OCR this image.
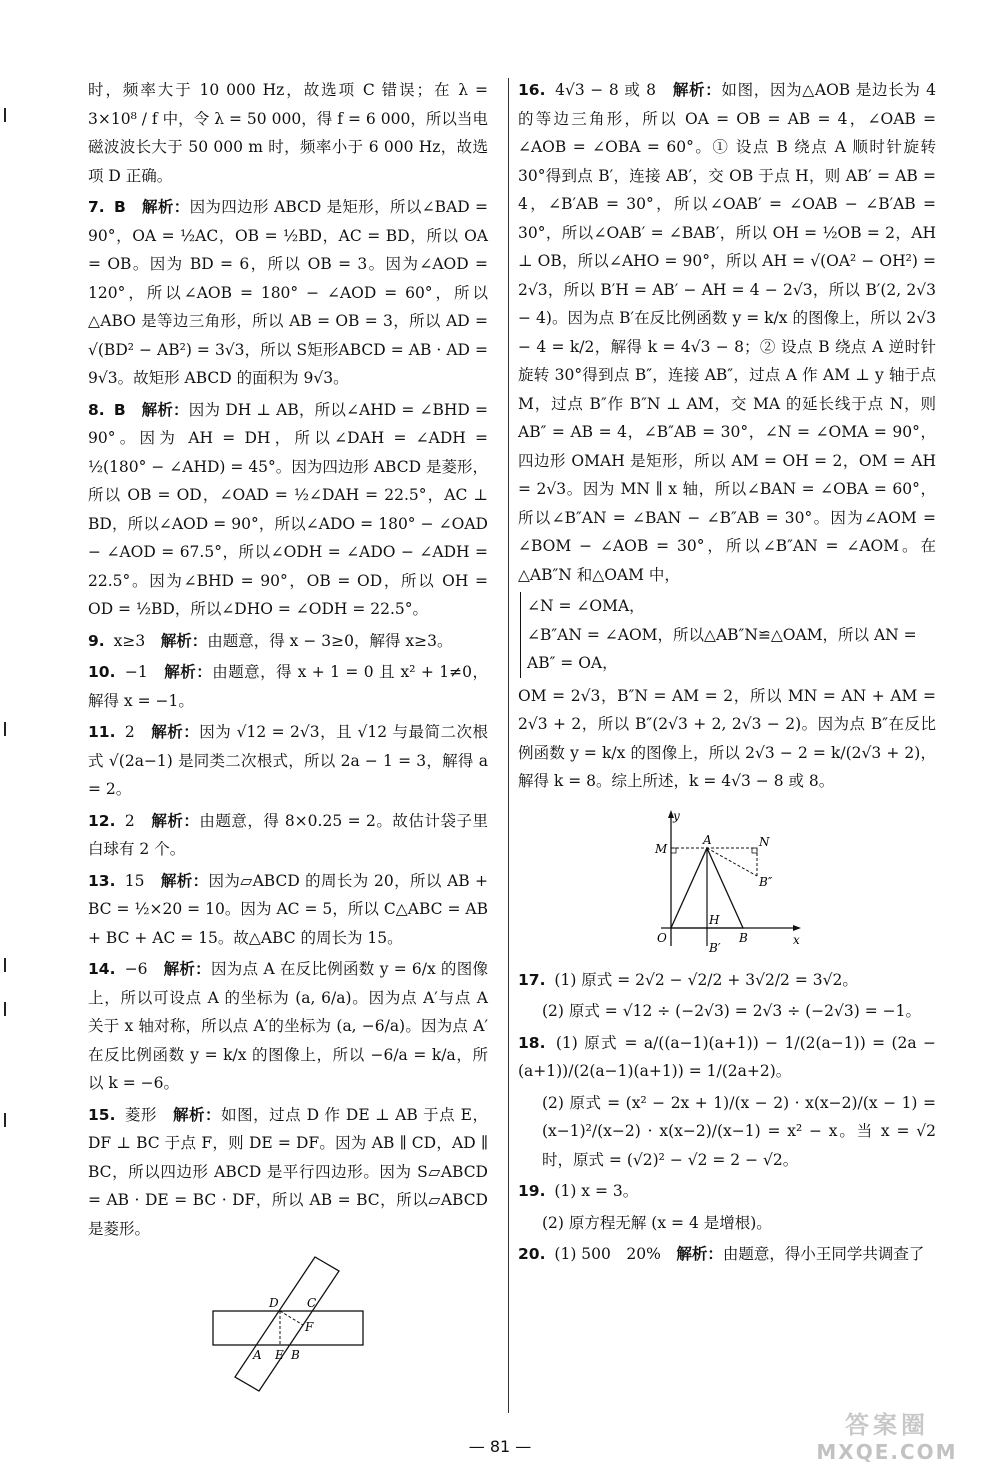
时，频率大于 10 000 Hz，故选项 C 错误；在 λ = 3×10⁸ / f 中，令 λ = 50 000，得 f = 6 000，所以当电磁波波长大于 50 000 m 时，频率小于 6 000 Hz，故选项 D 正确。

7. B　 解析：因为四边形 ABCD 是矩形，所以∠BAD = 90°，OA = ½AC，OB = ½BD，AC = BD，所以 OA = OB。因为 BD = 6，所以 OB = 3。因为∠AOD = 120°，所以∠AOB = 180° − ∠AOD = 60°，所以△ABO 是等边三角形，所以 AB = OB = 3，所以 AD = √(BD² − AB²) = 3√3，所以 S矩形ABCD = AB · AD = 9√3。故矩形 ABCD 的面积为 9√3。

8. B　 解析：因为 DH ⊥ AB，所以∠AHD = ∠BHD = 90°。因为 AH = DH，所以∠DAH = ∠ADH = ½(180° − ∠AHD) = 45°。因为四边形 ABCD 是菱形，所以 OB = OD，∠OAD = ½∠DAH = 22.5°，AC ⊥ BD，所以∠AOD = 90°，所以∠ADO = 180° − ∠OAD − ∠AOD = 67.5°，所以∠ODH = ∠ADO − ∠ADH = 22.5°。因为∠BHD = 90°，OB = OD，所以 OH = OD = ½BD，所以∠DHO = ∠ODH = 22.5°。

9. x≥3　 解析：由题意，得 x − 3≥0，解得 x≥3。

10. −1　 解析：由题意，得 x + 1 = 0 且 x² + 1≠0，解得 x = −1。

11. 2　 解析：因为 √12 = 2√3，且 √12 与最简二次根式 √(2a−1) 是同类二次根式，所以 2a − 1 = 3，解得 a = 2。

12. 2　 解析：由题意，得 8×0.25 = 2。故估计袋子里白球有 2 个。

13. 15　 解析：因为▱ABCD 的周长为 20，所以 AB + BC = ½×20 = 10。因为 AC = 5，所以 C△ABC = AB + BC + AC = 15。故△ABC 的周长为 15。

14. −6　 解析：因为点 A 在反比例函数 y = 6/x 的图像上，所以可设点 A 的坐标为 (a, 6/a)。因为点 A′与点 A 关于 x 轴对称，所以点 A′的坐标为 (a, −6/a)。因为点 A′在反比例函数 y = k/x 的图像上，所以 −6/a = k/a，所以 k = −6。

15. 菱形　 解析：如图，过点 D 作 DE ⊥ AB 于点 E，DF ⊥ BC 于点 F，则 DE = DF。因为 AB ∥ CD，AD ∥ BC，所以四边形 ABCD 是平行四边形。因为 S▱ABCD = AB · DE = BC · DF，所以 AB = BC，所以▱ABCD 是菱形。

D C
F
A E B

16. 4√3 − 8 或 8　 解析：如图，因为△AOB 是边长为 4 的等边三角形，所以 OA = OB = AB = 4，∠OAB = ∠AOB = ∠OBA = 60°。① 设点 B 绕点 A 顺时针旋转 30°得到点 B′，连接 AB′，交 OB 于点 H，则 AB′ = AB = 4，∠B′AB = 30°，所以∠OAB′ = ∠OAB − ∠B′AB = 30°，所以∠OAB′ = ∠BAB′，所以 OH = ½OB = 2，AH ⊥ OB，所以∠AHO = 90°，所以 AH = √(OA² − OH²) = 2√3，所以 B′H = AB′ − AH = 4 − 2√3，所以 B′(2, 2√3 − 4)。因为点 B′在反比例函数 y = k/x 的图像上，所以 2√3 − 4 = k/2，解得 k = 4√3 − 8；② 设点 B 绕点 A 逆时针旋转 30°得到点 B″，连接 AB″，过点 A 作 AM ⊥ y 轴于点 M，过点 B″作 B″N ⊥ AM，交 MA 的延长线于点 N，则 AB″ = AB = 4，∠B″AB = 30°，∠N = ∠OMA = 90°，四边形 OMAH 是矩形，所以 AM = OH = 2，OM = AH = 2√3。因为 MN ∥ x 轴，所以∠BAN = ∠OBA = 60°，所以∠B″AN = ∠BAN − ∠B″AB = 30°。因为∠AOM = ∠BOM − ∠AOB = 30°，所以∠B″AN = ∠AOM。在△AB″N 和△OAM 中，

∠N = ∠OMA，
∠B″AN = ∠AOM，所以△AB″N≌△OAM，所以 AN =
AB″ = OA，

OM = 2√3，B″N = AM = 2，所以 MN = AN + AM = 2√3 + 2，所以 B″(2√3 + 2, 2√3 − 2)。因为点 B″在反比例函数 y = k/x 的图像上，所以 2√3 − 2 = k/(2√3 + 2)，解得 k = 8。综上所述，k = 4√3 − 8 或 8。

y
x
M
A	N
B″
O
H
B′
B

17. (1) 原式 = 2√2 − √2/2 + 3√2/2 = 3√2。

(2) 原式 = √12 ÷ (−2√3) = 2√3 ÷ (−2√3) = −1。

18. (1) 原式 = a/((a−1)(a+1)) − 1/(2(a−1)) = (2a − (a+1))/(2(a−1)(a+1)) = 1/(2a+2)。

(2) 原式 = (x² − 2x + 1)/(x − 2) · x(x−2)/(x − 1) = (x−1)²/(x−2) · x(x−2)/(x−1) = x² − x。当 x = √2 时，原式 = (√2)² − √2 = 2 − √2。

19. (1) x = 3。

(2) 原方程无解 (x = 4 是增根)。

20. (1) 500　20%　 解析：由题意，得小王同学共调查了

— 81 —
答案圈
MXQE.COM
